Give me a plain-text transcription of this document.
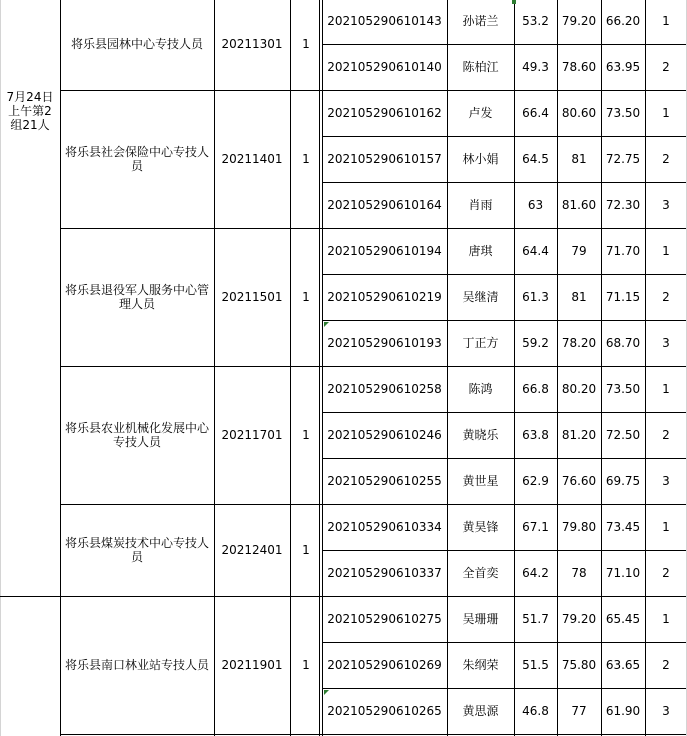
将乐县园林中心专技人员	20211301	1
202105290610143	孙诺兰	53.2	79.20 66.20	1
202105290610140	陈柏江	49.3	78.60 63.95	2
将乐县社会保险中心专技人员	20211401	1
202105290610162	卢发	66.4	80.60 73.50	1
202105290610157	林小娟	64.5	81	72.75	2
202105290610164	肖雨	63	81.60 72.30	3
将乐县退役军人服务中心管理人员	20211501	1
202105290610194	唐琪	64.4	79	71.70	1
202105290610219	吴继清	61.3	81	71.15	2
202105290610193	丁正方	59.2	78.20 68.70	3
将乐县农业机械化发展中心专技人员	20211701	1
202105290610258	陈鸿	66.8	80.20 73.50	1
202105290610246	黄晓乐	63.8	81.20 72.50	2
202105290610255	黄世星	62.9	76.60 69.75	3
将乐县煤炭技术中心专技人员	20212401	1
202105290610334	黄昊锋	67.1	79.80 73.45	1
202105290610337	全首奕	64.2	78	71.10	2
将乐县南口林业站专技人员	20211901	1
202105290610275	吴珊珊	51.7	79.20 65.45	1
202105290610269	朱纲荣	51.5	75.80 63.65	2
202105290610265	黄思源	46.8	77	61.90	3
7月24日上午第2组21人
